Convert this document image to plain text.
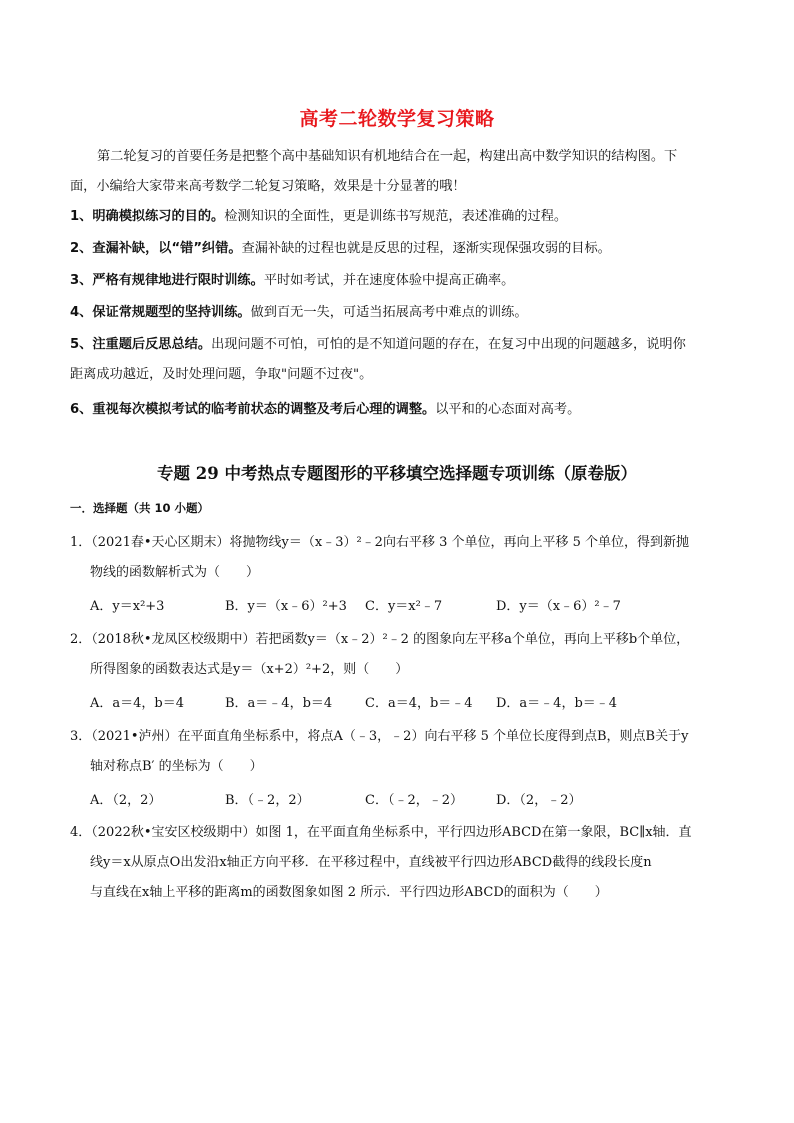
高考二轮数学复习策略
第二轮复习的首要任务是把整个高中基础知识有机地结合在一起，构建出高中数学知识的结构图。下
面，小编给大家带来高考数学二轮复习策略，效果是十分显著的哦！
1、明确模拟练习的目的。检测知识的全面性，更是训练书写规范，表述准确的过程。
2、查漏补缺，以“错”纠错。查漏补缺的过程也就是反思的过程，逐渐实现保强攻弱的目标。
3、严格有规律地进行限时训练。平时如考试，并在速度体验中提高正确率。
4、保证常规题型的坚持训练。做到百无一失，可适当拓展高考中难点的训练。
5、注重题后反思总结。出现问题不可怕，可怕的是不知道问题的存在，在复习中出现的问题越多，说明你
距离成功越近，及时处理问题，争取"问题不过夜"。
6、重视每次模拟考试的临考前状态的调整及考后心理的调整。以平和的心态面对高考。
专题 29 中考热点专题图形的平移填空选择题专项训练（原卷版）
一．选择题（共 10 小题）
1．（2021春•天心区期末）将抛物线y＝（x﹣3）²﹣2向右平移 3 个单位，再向上平移 5 个单位，得到新抛
物线的函数解析式为（　　）
A．y＝x²+3	B．y＝（x﹣6）²+3 C．y＝x²﹣7	D．y＝（x﹣6）²﹣7
2．（2018秋•龙凤区校级期中）若把函数y＝（x﹣2）²﹣2 的图象向左平移a个单位，再向上平移b个单位，
所得图象的函数表达式是y＝（x+2）²+2，则（　　）
A．a＝4，b＝4	B．a＝﹣4，b＝4	C．a＝4，b＝﹣4 D．a＝﹣4，b＝﹣4
3．（2021•泸州）在平面直角坐标系中，将点A（﹣3，﹣2）向右平移 5 个单位长度得到点B，则点B关于y
轴对称点B′ 的坐标为（　　）
A．（2，2）	B．（﹣2，2）	C．（﹣2，﹣2）	D．（2，﹣2）
4．（2022秋•宝安区校级期中）如图 1，在平面直角坐标系中，平行四边形ABCD在第一象限，BC∥x轴．直
线y＝x从原点O出发沿x轴正方向平移．在平移过程中，直线被平行四边形ABCD截得的线段长度n
与直线在x轴上平移的距离m的函数图象如图 2 所示．平行四边形ABCD的面积为（　　）
